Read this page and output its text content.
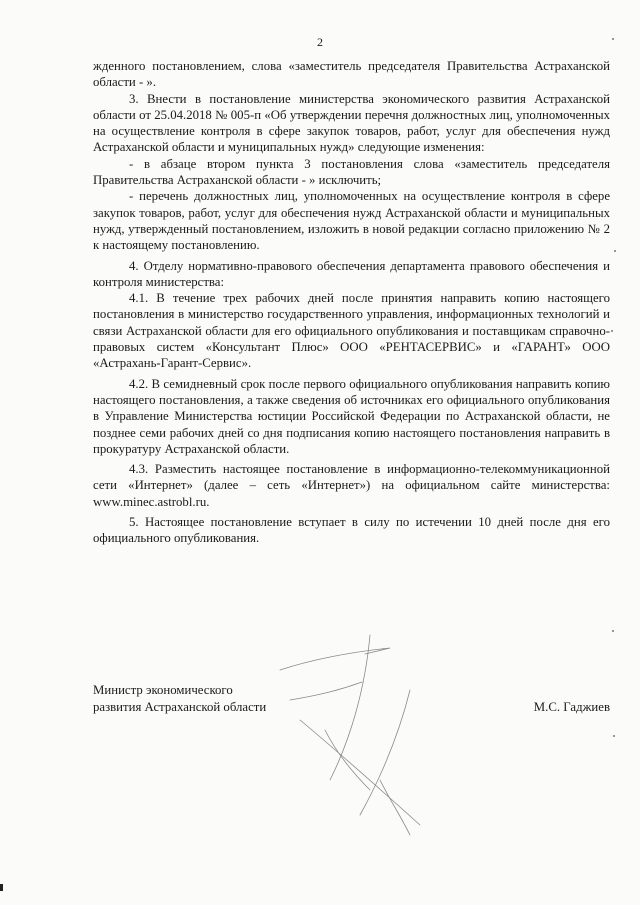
2

жденного постановлением, слова «заместитель председателя Правительства Астраханской области - ».

3. Внести в постановление министерства экономического развития Астраханской области от 25.04.2018 № 005-п «Об утверждении перечня должностных лиц, уполномоченных на осуществление контроля в сфере закупок товаров, работ, услуг для обеспечения нужд Астраханской области и муниципальных нужд» следующие изменения:

- в абзаце втором пункта 3 постановления слова «заместитель председателя Правительства Астраханской области - » исключить;

- перечень должностных лиц, уполномоченных на осуществление контроля в сфере закупок товаров, работ, услуг для обеспечения нужд Астраханской области и муниципальных нужд, утвержденный постановлением, изложить в новой редакции согласно приложению № 2 к настоящему постановлению.

4. Отделу нормативно-правового обеспечения департамента правового обеспечения и контроля министерства:

4.1. В течение трех рабочих дней после принятия направить копию настоящего постановления в министерство государственного управления, информационных технологий и связи Астраханской области для его официального опубликования и поставщикам справочно-правовых систем «Консультант Плюс» ООО «РЕНТАСЕРВИС» и «ГАРАНТ» ООО «Астрахань-Гарант-Сервис».

4.2. В семидневный срок после первого официального опубликования направить копию настоящего постановления, а также сведения об источниках его официального опубликования в Управление Министерства юстиции Российской Федерации по Астраханской области, не позднее семи рабочих дней со дня подписания копию настоящего постановления направить в прокуратуру Астраханской области.

4.3. Разместить настоящее постановление в информационно-телекоммуникационной сети «Интернет» (далее – сеть «Интернет») на официальном сайте министерства: www.minec.astrobl.ru.

5. Настоящее постановление вступает в силу по истечении 10 дней после дня его официального опубликования.

Министр экономического
развития Астраханской области	М.С. Гаджиев
